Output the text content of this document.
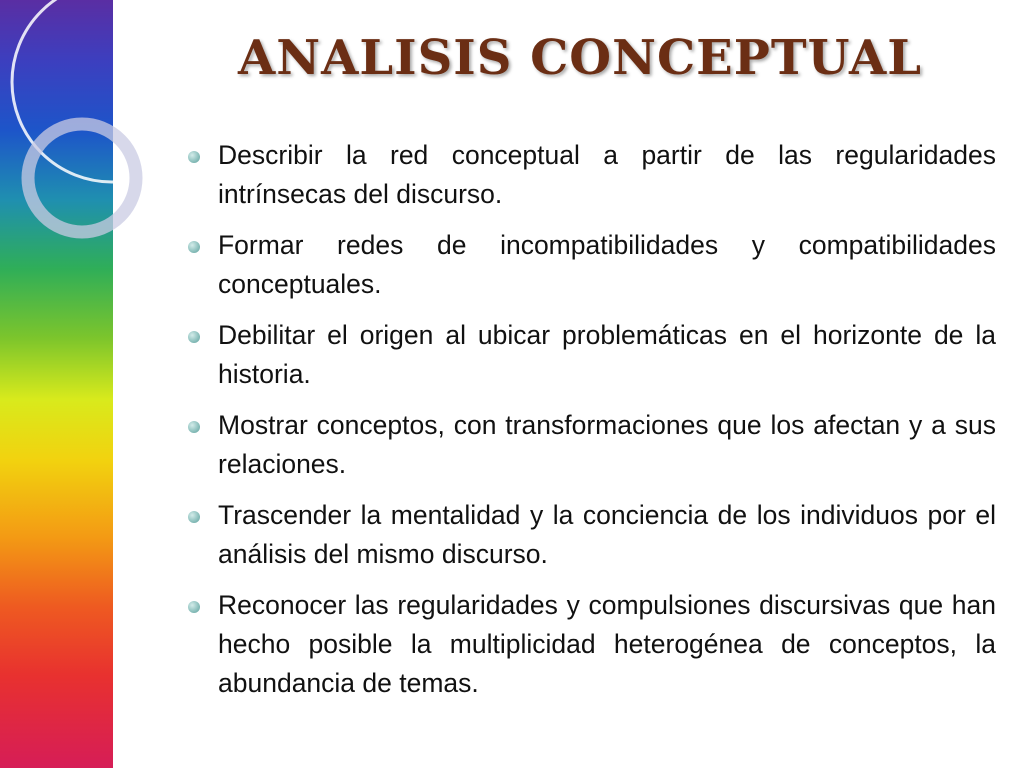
ANALISIS CONCEPTUAL
Describir la red conceptual a partir de las regularidades intrínsecas del discurso.
Formar redes de incompatibilidades y compatibilidades conceptuales.
Debilitar el origen al ubicar problemáticas en el horizonte de la historia.
Mostrar conceptos, con transformaciones que los afectan y a sus relaciones.
Trascender la mentalidad y la conciencia de los individuos por el análisis del mismo discurso.
Reconocer las regularidades y compulsiones discursivas que han hecho posible la multiplicidad heterogénea de conceptos, la abundancia de temas.
